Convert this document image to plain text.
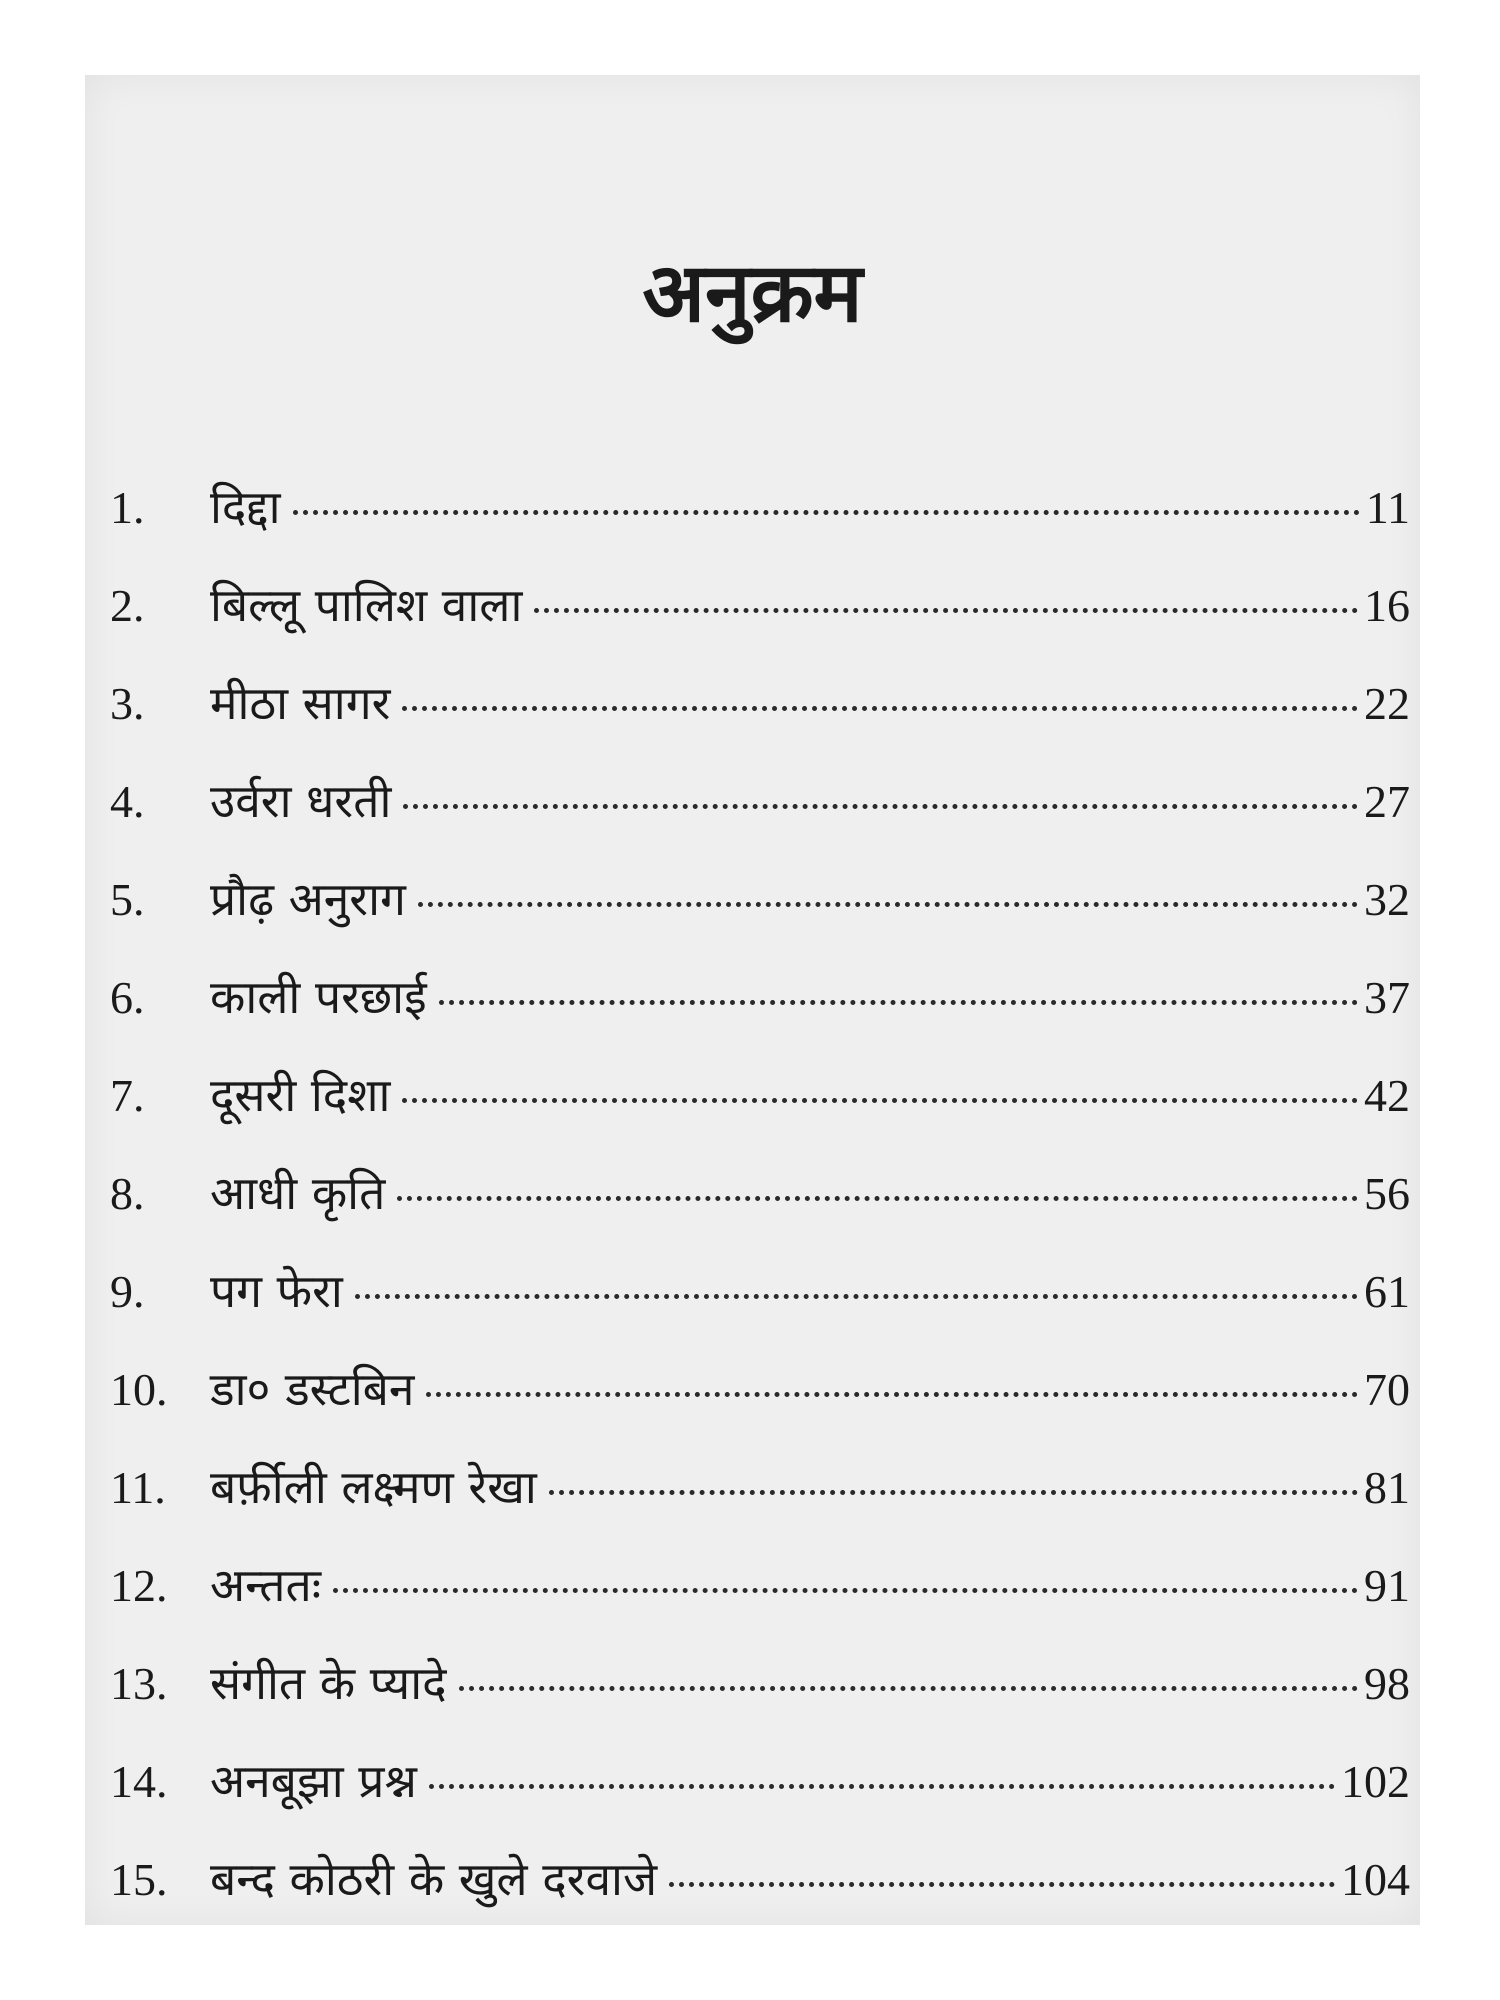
अनुक्रम
1.	दिद्दा	11
2.	बिल्लू पालिश वाला	16
3.	मीठा सागर	22
4.	उर्वरा धरती	27
5.	प्रौढ़ अनुराग	32
6.	काली परछाई	37
7.	दूसरी दिशा	42
8.	आधी कृति	56
9.	पग फेरा	61
10. डा० डस्टबिन	70
11. बर्फ़ीली लक्ष्मण रेखा	81
12. अन्ततः	91
13. संगीत के प्यादे	98
14. अनबूझा प्रश्न	102
15. बन्द कोठरी के खुले दरवाजे	104
